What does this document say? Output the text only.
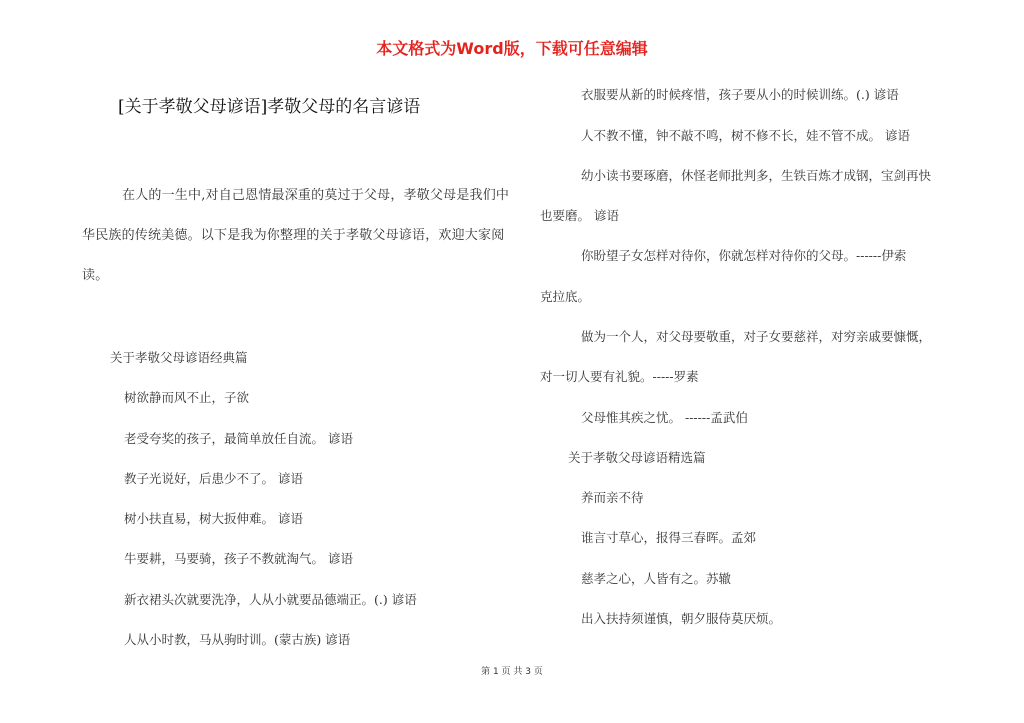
本文格式为Word版，下载可任意编辑
[关于孝敬父母谚语]孝敬父母的名言谚语
在人的一生中,对自己恩情最深重的莫过于父母，孝敬父母是我们中华民族的传统美德。以下是我为你整理的关于孝敬父母谚语，欢迎大家阅读。
关于孝敬父母谚语经典篇
树欲静而风不止，子欲
老受夸奖的孩子，最简单放任自流。 谚语
教子光说好，后患少不了。 谚语
树小扶直易，树大扳伸难。 谚语
牛要耕，马要骑，孩子不教就淘气。 谚语
新衣裙头次就要洗净，人从小就要品德端正。(.) 谚语
人从小时教，马从驹时训。(蒙古族) 谚语
衣服要从新的时候疼惜，孩子要从小的时候训练。(.) 谚语
人不教不懂，钟不敲不鸣，树不修不长，娃不管不成。 谚语
幼小读书要琢磨，休怪老师批判多，生铁百炼才成钢，宝剑再快
也要磨。 谚语
你盼望子女怎样对待你，你就怎样对待你的父母。------伊索
克拉底。
做为一个人，对父母要敬重，对子女要慈祥，对穷亲戚要慷慨，
对一切人要有礼貌。-----罗素
父母惟其疾之忧。 ------孟武伯
关于孝敬父母谚语精选篇
养而亲不待
谁言寸草心，报得三春晖。孟郊
慈孝之心，人皆有之。苏辙
出入扶持须谨慎，朝夕服侍莫厌烦。
第 1 页 共 3 页
